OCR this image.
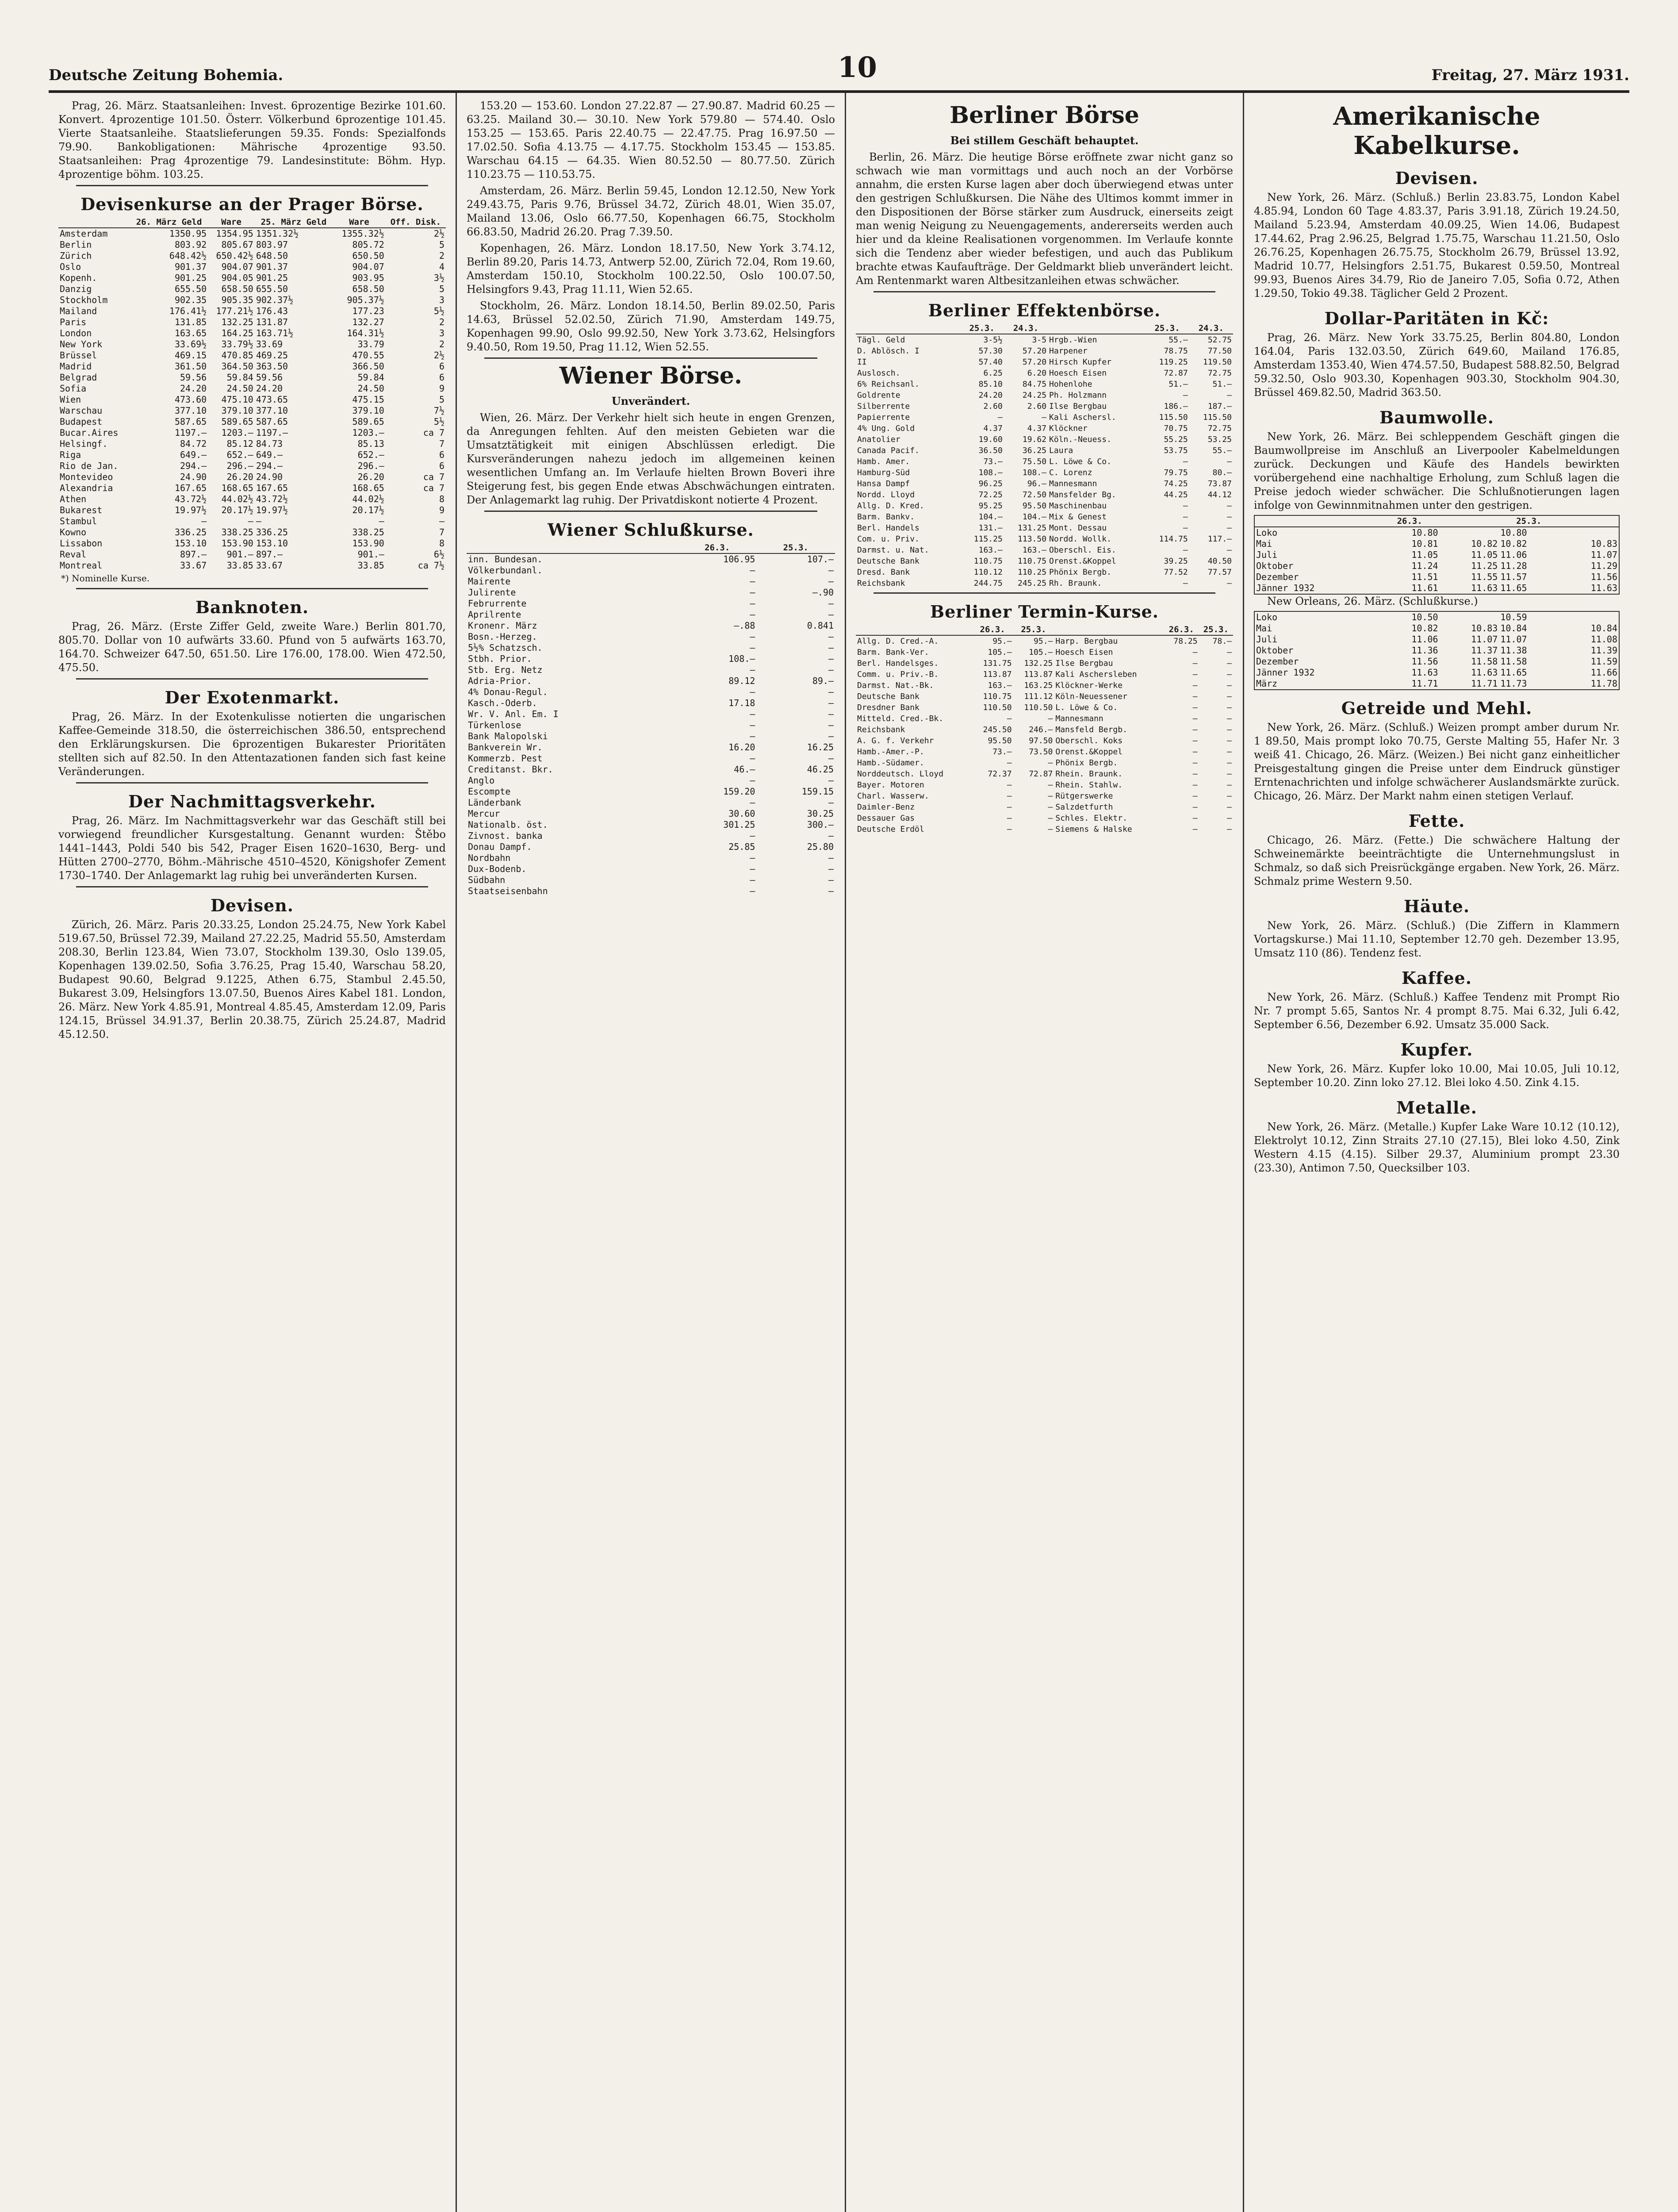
Deutsche Zeitung Bohemia.	10	Freitag, 27. März 1931.

Prag, 26. März. Staatsanleihen: Invest. 6prozentige Bezirke 101.60. Konvert. 4prozentige 101.50. Österr. Völkerbund 6prozentige 101.45. Vierte Staatsanleihe. Staatslieferungen 59.35. Fonds: Spezialfonds 79.90. Bankobligationen: Mährische 4prozentige 93.50. Staatsanleihen: Prag 4prozentige 79. Landesinstitute: Böhm. Hyp. 4prozentige böhm. 103.25.

Devisenkurse an der Prager Börse.
	26. März Geld	Ware	25. März Geld	Ware	Off. Disk.
Amsterdam	1350.95	1354.95	1351.32½	1355.32½	2½
Berlin	803.92	805.67	803.97	805.72	5
Zürich	648.42½	650.42½	648.50	650.50	2
Oslo	901.37	904.07	901.37	904.07	4
Kopenh.	901.25	904.05	901.25	903.95	3½
Danzig	655.50	658.50	655.50	658.50	5
Stockholm	902.35	905.35	902.37½	905.37½	3
Mailand	176.41½	177.21½	176.43	177.23	5½
Paris	131.85	132.25	131.87	132.27	2
London	163.65	164.25	163.71½	164.31½	3
New York	33.69½	33.79½	33.69	33.79	2
Brüssel	469.15	470.85	469.25	470.55	2½
Madrid	361.50	364.50	363.50	366.50	6
Belgrad	59.56	59.84	59.56	59.84	6
Sofia	24.20	24.50	24.20	24.50	9
Wien	473.60	475.10	473.65	475.15	5
Warschau	377.10	379.10	377.10	379.10	7½
Budapest	587.65	589.65	587.65	589.65	5½
Bucar.Aires	1197.—	1203.—	1197.—	1203.—	ca 7
Helsingf.	84.72	85.12	84.73	85.13	7
Riga	649.—	652.—	649.—	652.—	6
Rio de Jan.	294.—	296.—	294.—	296.—	6
Montevideo	24.90	26.20	24.90	26.20	ca 7
Alexandria	167.65	168.65	167.65	168.65	ca 7
Athen	43.72½	44.02½	43.72½	44.02½	8
Bukarest	19.97½	20.17½	19.97½	20.17½	9
Stambul	—	—	—	—	—
Kowno	336.25	338.25	336.25	338.25	7
Lissabon	153.10	153.90	153.10	153.90	8
Reval	897.—	901.—	897.—	901.—	6½
Montreal	33.67	33.85	33.67	33.85	ca 7½
*) Nominelle Kurse.
Banknoten.

Prag, 26. März. (Erste Ziffer Geld, zweite Ware.) Berlin 801.70, 805.70. Dollar von 10 aufwärts 33.60. Pfund von 5 aufwärts 163.70, 164.70. Schweizer 647.50, 651.50. Lire 176.00, 178.00. Wien 472.50, 475.50.

Der Exotenmarkt.

Prag, 26. März. In der Exotenkulisse notierten die ungarischen Kaffee-Gemeinde 318.50, die österreichischen 386.50, entsprechend den Erklärungskursen. Die 6prozentigen Bukarester Prioritäten stellten sich auf 82.50. In den Attentazationen fanden sich fast keine Veränderungen.

Der Nachmittagsverkehr.

Prag, 26. März. Im Nachmittagsverkehr war das Geschäft still bei vorwiegend freundlicher Kursgestaltung. Genannt wurden: Štěbo 1441–1443, Poldi 540 bis 542, Prager Eisen 1620–1630, Berg- und Hütten 2700–2770, Böhm.-Mährische 4510–4520, Königshofer Zement 1730–1740. Der Anlagemarkt lag ruhig bei unveränderten Kursen.

Devisen.

Zürich, 26. März. Paris 20.33.25, London 25.24.75, New York Kabel 519.67.50, Brüssel 72.39, Mailand 27.22.25, Madrid 55.50, Amsterdam 208.30, Berlin 123.84, Wien 73.07, Stockholm 139.30, Oslo 139.05, Kopenhagen 139.02.50, Sofia 3.76.25, Prag 15.40, Warschau 58.20, Budapest 90.60, Belgrad 9.1225, Athen 6.75, Stambul 2.45.50, Bukarest 3.09, Helsingfors 13.07.50, Buenos Aires Kabel 181. London, 26. März. New York 4.85.91, Montreal 4.85.45, Amsterdam 12.09, Paris 124.15, Brüssel 34.91.37, Berlin 20.38.75, Zürich 25.24.87, Madrid 45.12.50.

153.20 — 153.60. London 27.22.87 — 27.90.87. Madrid 60.25 — 63.25. Mailand 30.— 30.10. New York 579.80 — 574.40. Oslo 153.25 — 153.65. Paris 22.40.75 — 22.47.75. Prag 16.97.50 — 17.02.50. Sofia 4.13.75 — 4.17.75. Stockholm 153.45 — 153.85. Warschau 64.15 — 64.35. Wien 80.52.50 — 80.77.50. Zürich 110.23.75 — 110.53.75.

Amsterdam, 26. März. Berlin 59.45, London 12.12.50, New York 249.43.75, Paris 9.76, Brüssel 34.72, Zürich 48.01, Wien 35.07, Mailand 13.06, Oslo 66.77.50, Kopenhagen 66.75, Stockholm 66.83.50, Madrid 26.20. Prag 7.39.50.

Kopenhagen, 26. März. London 18.17.50, New York 3.74.12, Berlin 89.20, Paris 14.73, Antwerp 52.00, Zürich 72.04, Rom 19.60, Amsterdam 150.10, Stockholm 100.22.50, Oslo 100.07.50, Helsingfors 9.43, Prag 11.11, Wien 52.65.

Stockholm, 26. März. London 18.14.50, Berlin 89.02.50, Paris 14.63, Brüssel 52.02.50, Zürich 71.90, Amsterdam 149.75, Kopenhagen 99.90, Oslo 99.92.50, New York 3.73.62, Helsingfors 9.40.50, Rom 19.50, Prag 11.12, Wien 52.55.

Wiener Börse.
Unverändert.

Wien, 26. März. Der Verkehr hielt sich heute in engen Grenzen, da Anregungen fehlten. Auf den meisten Gebieten war die Umsatztätigkeit mit einigen Abschlüssen erledigt. Die Kursveränderungen nahezu jedoch im allgemeinen keinen wesentlichen Umfang an. Im Verlaufe hielten Brown Boveri ihre Steigerung fest, bis gegen Ende etwas Abschwächungen eintraten. Der Anlagemarkt lag ruhig. Der Privatdiskont notierte 4 Prozent.

Wiener Schlußkurse.
	26.3.	25.3.
inn. Bundesan.	106.95	107.—
Völkerbundanl.	—	—
Mairente	—	—
Julirente	—	—.90
Februrrente	—	—
Aprilrente	—	—
Kronenr. März	—.88	0.841
Bosn.-Herzeg.	—	—
5½% Schatzsch.	—	—
Stbh. Prior.	108.—	—
Stb. Erg. Netz	—	—
Adria-Prior.	89.12	89.—
4% Donau-Regul.	—	—
Kasch.-Oderb.	17.18	—
Wr. V. Anl. Em. I	—	—
Türkenlose	—	—
Bank Malopolski	—	—
Bankverein Wr.	16.20	16.25
Kommerzb. Pest	—	—
Creditanst. Bkr.	46.—	46.25
Anglo	—	—
Escompte	159.20	159.15
Länderbank	—	—
Mercur	30.60	30.25
Nationalb. öst.	301.25	300.—
Zivnost. banka	—	—
Donau Dampf.	25.85	25.80
Nordbahn	—	—
Dux-Bodenb.	—	—
Südbahn	—	—
Staatseisenbahn	—	—
Berliner Börse
Bei stillem Geschäft behauptet.

Berlin, 26. März. Die heutige Börse eröffnete zwar nicht ganz so schwach wie man vormittags und auch noch an der Vorbörse annahm, die ersten Kurse lagen aber doch überwiegend etwas unter den gestrigen Schlußkursen. Die Nähe des Ultimos kommt immer in den Dispositionen der Börse stärker zum Ausdruck, einerseits zeigt man wenig Neigung zu Neuengagements, andererseits werden auch hier und da kleine Realisationen vorgenommen. Im Verlaufe konnte sich die Tendenz aber wieder befestigen, und auch das Publikum brachte etwas Kaufaufträge. Der Geldmarkt blieb unverändert leicht. Am Rentenmarkt waren Altbesitzanleihen etwas schwächer.

Berliner Effektenbörse.
	25.3.	24.3.		25.3.	24.3.
Tägl. Geld	3-5½	3-5	Hrgb.-Wien	55.—	52.75
D. Ablösch. I	57.30	57.20	Harpener	78.75	77.50
II	57.40	57.20	Hirsch Kupfer	119.25	119.50
Auslosch.	6.25	6.20	Hoesch Eisen	72.87	72.75
6% Reichsanl.	85.10	84.75	Hohenlohe	51.—	51.—
Goldrente	24.20	24.25	Ph. Holzmann	—	—
Silberrente	2.60	2.60	Ilse Bergbau	186.—	187.—
Papierrente	—	—	Kali Aschersl.	115.50	115.50
4% Ung. Gold	4.37	4.37	Klöckner	70.75	72.75
Anatolier	19.60	19.62	Köln.-Neuess.	55.25	53.25
Canada Pacif.	36.50	36.25	Laura	53.75	55.—
Hamb. Amer.	73.—	75.50	L. Löwe & Co.	—	—
Hamburg-Süd	108.—	108.—	C. Lorenz	79.75	80.—
Hansa Dampf	96.25	96.—	Mannesmann	74.25	73.87
Nordd. Lloyd	72.25	72.50	Mansfelder Bg.	44.25	44.12
Allg. D. Kred.	95.25	95.50	Maschinenbau	—	—
Barm. Bankv.	104.—	104.—	Mix & Genest	—	—
Berl. Handels	131.—	131.25	Mont. Dessau	—	—
Com. u. Priv.	115.25	113.50	Nordd. Wollk.	114.75	117.—
Darmst. u. Nat.	163.—	163.—	Oberschl. Eis.	—	—
Deutsche Bank	110.75	110.75	Orenst.&Koppel	39.25	40.50
Dresd. Bank	110.12	110.25	Phönix Bergb.	77.52	77.57
Reichsbank	244.75	245.25	Rh. Braunk.	—	—
Berliner Termin-Kurse.
	26.3.	25.3.		26.3.	25.3.
Allg. D. Cred.-A.	95.—	95.—	Harp. Bergbau	78.25	78.—
Barm. Bank-Ver.	105.—	105.—	Hoesch Eisen	—	—
Berl. Handelsges.	131.75	132.25	Ilse Bergbau	—	—
Comm. u. Priv.-B.	113.87	113.87	Kali Aschersleben	—	—
Darmst. Nat.-Bk.	163.—	163.25	Klöckner-Werke	—	—
Deutsche Bank	110.75	111.12	Köln-Neuessener	—	—
Dresdner Bank	110.50	110.50	L. Löwe & Co.	—	—
Mitteld. Cred.-Bk.	—	—	Mannesmann	—	—
Reichsbank	245.50	246.—	Mansfeld Bergb.	—	—
A. G. f. Verkehr	95.50	97.50	Oberschl. Koks	—	—
Hamb.-Amer.-P.	73.—	73.50	Orenst.&Koppel	—	—
Hamb.-Südamer.	—	—	Phönix Bergb.	—	—
Norddeutsch. Lloyd	72.37	72.87	Rhein. Braunk.	—	—
Bayer. Motoren	—	—	Rhein. Stahlw.	—	—
Charl. Wasserw.	—	—	Rütgerswerke	—	—
Daimler-Benz	—	—	Salzdetfurth	—	—
Dessauer Gas	—	—	Schles. Elektr.	—	—
Deutsche Erdöl	—	—	Siemens & Halske	—	—
Amerikanische Kabelkurse.
Devisen.

New York, 26. März. (Schluß.) Berlin 23.83.75, London Kabel 4.85.94, London 60 Tage 4.83.37, Paris 3.91.18, Zürich 19.24.50, Mailand 5.23.94, Amsterdam 40.09.25, Wien 14.06, Budapest 17.44.62, Prag 2.96.25, Belgrad 1.75.75, Warschau 11.21.50, Oslo 26.76.25, Kopenhagen 26.75.75, Stockholm 26.79, Brüssel 13.92, Madrid 10.77, Helsingfors 2.51.75, Bukarest 0.59.50, Montreal 99.93, Buenos Aires 34.79, Rio de Janeiro 7.05, Sofia 0.72, Athen 1.29.50, Tokio 49.38. Täglicher Geld 2 Prozent.

Dollar-Paritäten in Kč:

Prag, 26. März. New York 33.75.25, Berlin 804.80, London 164.04, Paris 132.03.50, Zürich 649.60, Mailand 176.85, Amsterdam 1353.40, Wien 474.57.50, Budapest 588.82.50, Belgrad 59.32.50, Oslo 903.30, Kopenhagen 903.30, Stockholm 904.30, Brüssel 469.82.50, Madrid 363.50.

Baumwolle.

New York, 26. März. Bei schleppendem Geschäft gingen die Baumwollpreise im Anschluß an Liverpooler Kabelmeldungen zurück. Deckungen und Käufe des Handels bewirkten vorübergehend eine nachhaltige Erholung, zum Schluß lagen die Preise jedoch wieder schwächer. Die Schlußnotierungen lagen infolge von Gewinnmitnahmen unter den gestrigen.

	26.3.		25.3.	
Loko	10.80		10.80	
Mai	10.81	10.82	10.82	10.83
Juli	11.05	11.05	11.06	11.07
Oktober	11.24	11.25	11.28	11.29
Dezember	11.51	11.55	11.57	11.56
Jänner 1932	11.61	11.63	11.65	11.63

New Orleans, 26. März. (Schlußkurse.)

Loko	10.50		10.59	
Mai	10.82	10.83	10.84	10.84
Juli	11.06	11.07	11.07	11.08
Oktober	11.36	11.37	11.38	11.39
Dezember	11.56	11.58	11.58	11.59
Jänner 1932	11.63	11.63	11.65	11.66
März	11.71	11.71	11.73	11.78
Getreide und Mehl.

New York, 26. März. (Schluß.) Weizen prompt amber durum Nr. 1 89.50, Mais prompt loko 70.75, Gerste Malting 55, Hafer Nr. 3 weiß 41. Chicago, 26. März. (Weizen.) Bei nicht ganz einheitlicher Preisgestaltung gingen die Preise unter dem Eindruck günstiger Erntenachrichten und infolge schwächerer Auslandsmärkte zurück. Chicago, 26. März. Der Markt nahm einen stetigen Verlauf.

Fette.

Chicago, 26. März. (Fette.) Die schwächere Haltung der Schweinemärkte beeinträchtigte die Unternehmungslust in Schmalz, so daß sich Preisrückgänge ergaben. New York, 26. März. Schmalz prime Western 9.50.

Häute.

New York, 26. März. (Schluß.) (Die Ziffern in Klammern Vortagskurse.) Mai 11.10, September 12.70 geh. Dezember 13.95, Umsatz 110 (86). Tendenz fest.

Kaffee.

New York, 26. März. (Schluß.) Kaffee Tendenz mit Prompt Rio Nr. 7 prompt 5.65, Santos Nr. 4 prompt 8.75. Mai 6.32, Juli 6.42, September 6.56, Dezember 6.92. Umsatz 35.000 Sack.

Kupfer.

New York, 26. März. Kupfer loko 10.00, Mai 10.05, Juli 10.12, September 10.20. Zinn loko 27.12. Blei loko 4.50. Zink 4.15.

Metalle.

New York, 26. März. (Metalle.) Kupfer Lake Ware 10.12 (10.12), Elektrolyt 10.12, Zinn Straits 27.10 (27.15), Blei loko 4.50, Zink Western 4.15 (4.15). Silber 29.37, Aluminium prompt 23.30 (23.30), Antimon 7.50, Quecksilber 103.
